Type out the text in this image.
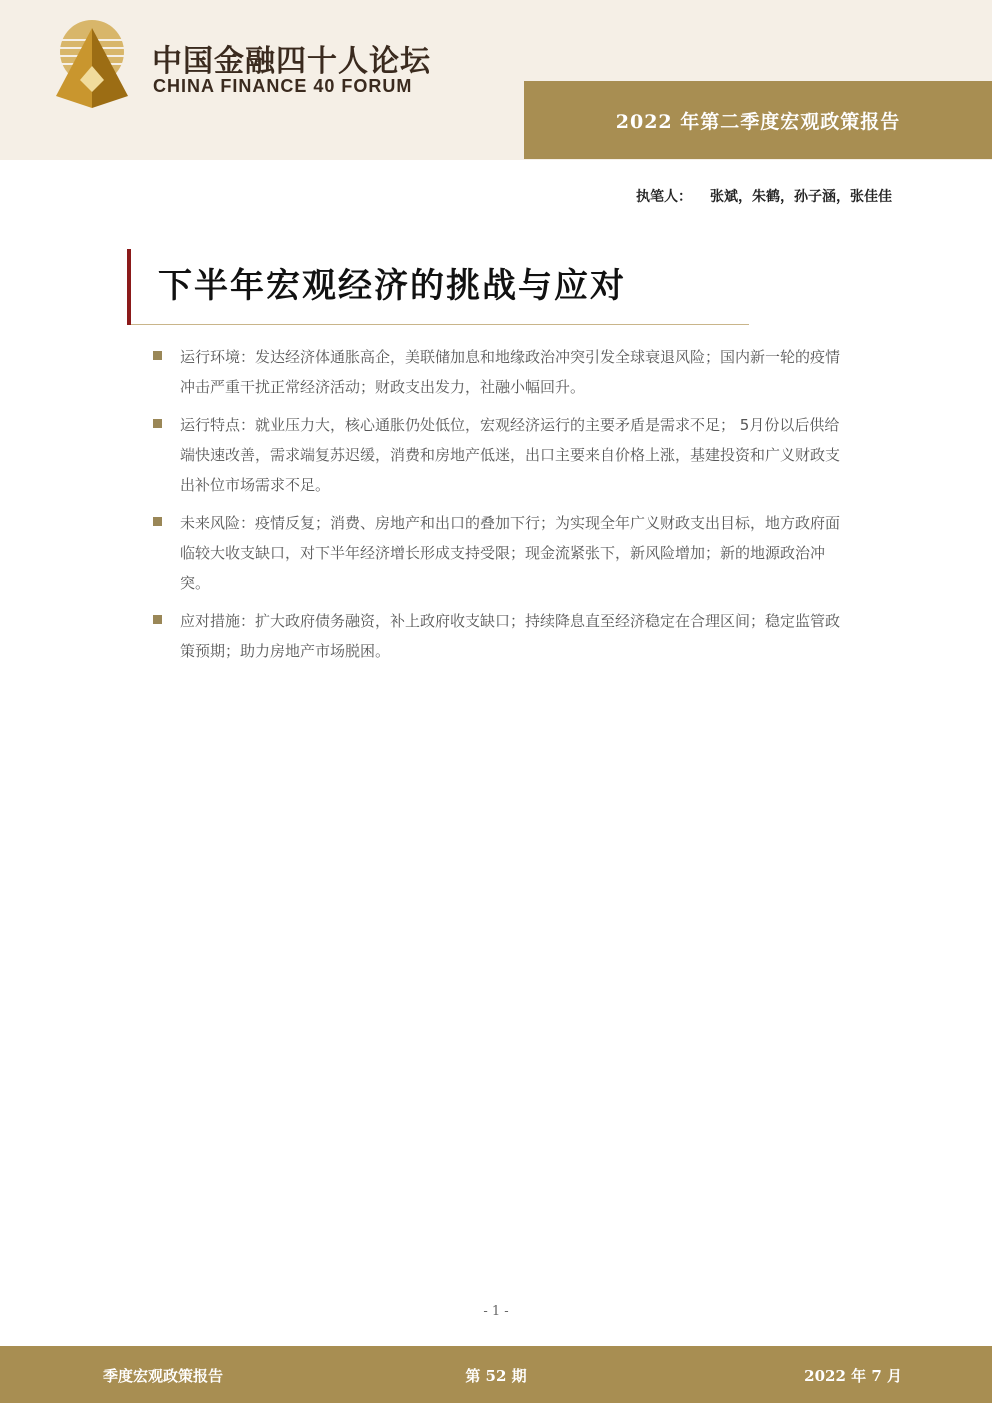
中国金融四十人论坛
CHINA FINANCE 40 FORUM
2022 年第二季度宏观政策报告
执笔人： 张斌，朱鹤，孙子涵，张佳佳
下半年宏观经济的挑战与应对
运行环境：发达经济体通胀高企，美联储加息和地缘政治冲突引发全球衰退风险；国内新一轮的疫情冲击严重干扰正常经济活动；财政支出发力，社融小幅回升。
运行特点：就业压力大，核心通胀仍处低位，宏观经济运行的主要矛盾是需求不足； 5月份以后供给端快速改善，需求端复苏迟缓，消费和房地产低迷，出口主要来自价格上涨，基建投资和广义财政支出补位市场需求不足。
未来风险：疫情反复；消费、房地产和出口的叠加下行；为实现全年广义财政支出目标，地方政府面临较大收支缺口，对下半年经济增长形成支持受限；现金流紧张下，新风险增加；新的地源政治冲突。
应对措施：扩大政府债务融资，补上政府收支缺口；持续降息直至经济稳定在合理区间；稳定监管政策预期；助力房地产市场脱困。
- 1 -
季度宏观政策报告	第 52 期	2022 年 7 月
